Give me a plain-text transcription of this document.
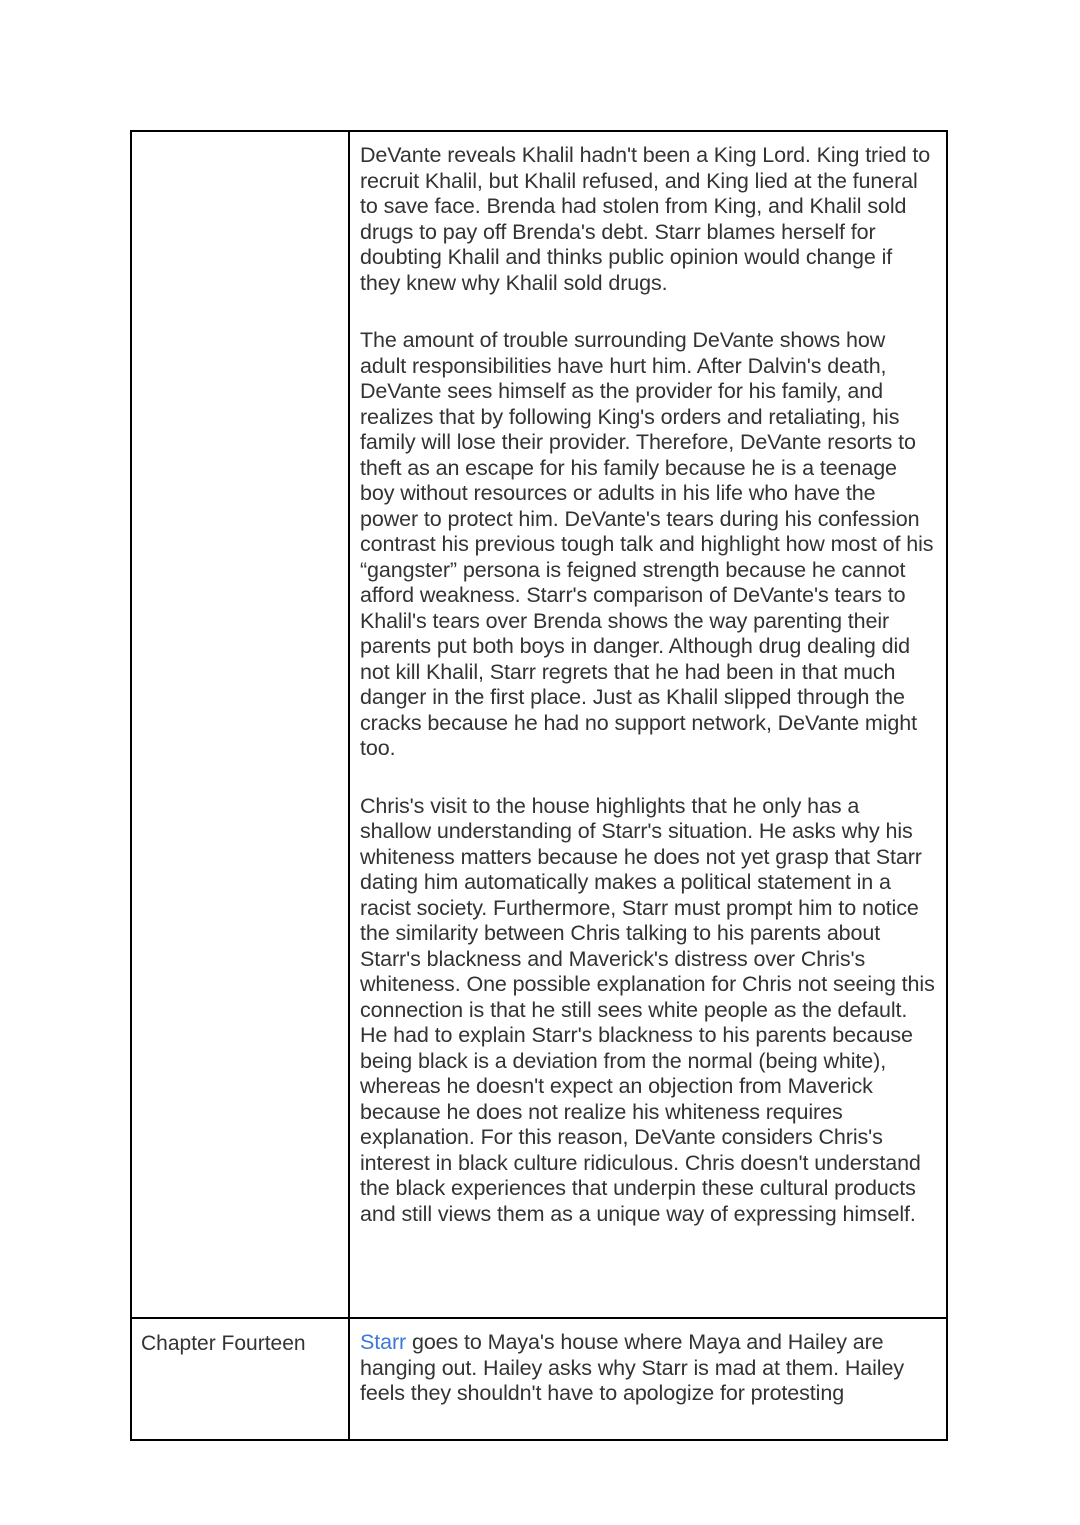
	DeVante reveals Khalil hadn't been a King Lord. King tried to recruit Khalil, but Khalil refused, and King lied at the funeral to save face. Brenda had stolen from King, and Khalil sold drugs to pay off Brenda's debt. Starr blames herself for doubting Khalil and thinks public opinion would change if they knew why Khalil sold drugs.

The amount of trouble surrounding DeVante shows how adult responsibilities have hurt him. After Dalvin's death, DeVante sees himself as the provider for his family, and realizes that by following King's orders and retaliating, his family will lose their provider. Therefore, DeVante resorts to theft as an escape for his family because he is a teenage boy without resources or adults in his life who have the power to protect him. DeVante's tears during his confession contrast his previous tough talk and highlight how most of his “gangster” persona is feigned strength because he cannot afford weakness. Starr's comparison of DeVante's tears to Khalil's tears over Brenda shows the way parenting their parents put both boys in danger. Although drug dealing did not kill Khalil, Starr regrets that he had been in that much danger in the first place. Just as Khalil slipped through the cracks because he had no support network, DeVante might too.

Chris's visit to the house highlights that he only has a shallow understanding of Starr's situation. He asks why his whiteness matters because he does not yet grasp that Starr dating him automatically makes a political statement in a racist society. Furthermore, Starr must prompt him to notice the similarity between Chris talking to his parents about Starr's blackness and Maverick's distress over Chris's whiteness. One possible explanation for Chris not seeing this connection is that he still sees white people as the default. He had to explain Starr's blackness to his parents because being black is a deviation from the normal (being white), whereas he doesn't expect an objection from Maverick because he does not realize his whiteness requires explanation. For this reason, DeVante considers Chris's interest in black culture ridiculous. Chris doesn't understand the black experiences that underpin these cultural products and still views them as a unique way of expressing himself.

Chapter Fourteen	Starr goes to Maya's house where Maya and Hailey are hanging out. Hailey asks why Starr is mad at them. Hailey feels they shouldn't have to apologize for protesting
